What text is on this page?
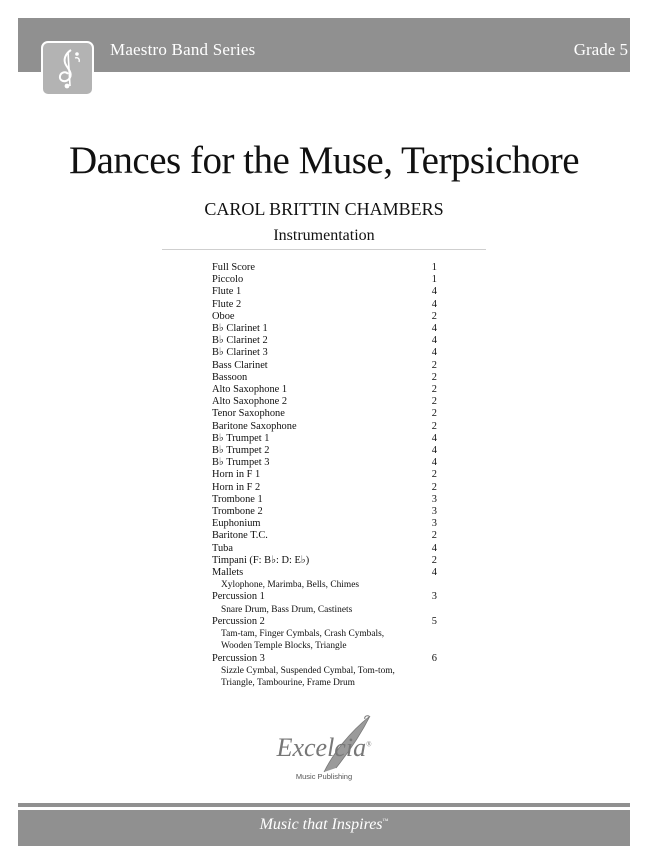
Maestro Band Series	Grade 5
Dances for the Muse, Terpsichore
CAROL BRITTIN CHAMBERS
Instrumentation
Full Score	1
Piccolo	1
Flute 1	4
Flute 2	4
Oboe	2
B♭ Clarinet 1	4
B♭ Clarinet 2	4
B♭ Clarinet 3	4
Bass Clarinet	2
Bassoon	2
Alto Saxophone 1	2
Alto Saxophone 2	2
Tenor Saxophone	2
Baritone Saxophone	2
B♭ Trumpet 1	4
B♭ Trumpet 2	4
B♭ Trumpet 3	4
Horn in F 1	2
Horn in F 2	2
Trombone 1	3
Trombone 2	3
Euphonium	3
Baritone T.C.	2
Tuba	4
Timpani (F: B♭: D: E♭)	2
Mallets	4
Xylophone, Marimba, Bells, Chimes
Percussion 1	3
Snare Drum, Bass Drum, Castinets
Percussion 2	5
Tam-tam, Finger Cymbals, Crash Cymbals,
Wooden Temple Blocks, Triangle
Percussion 3	6
Sizzle Cymbal, Suspended Cymbal, Tom-tom,
Triangle, Tambourine, Frame Drum
Excelcia®
Music Publishing
Music that Inspires™
